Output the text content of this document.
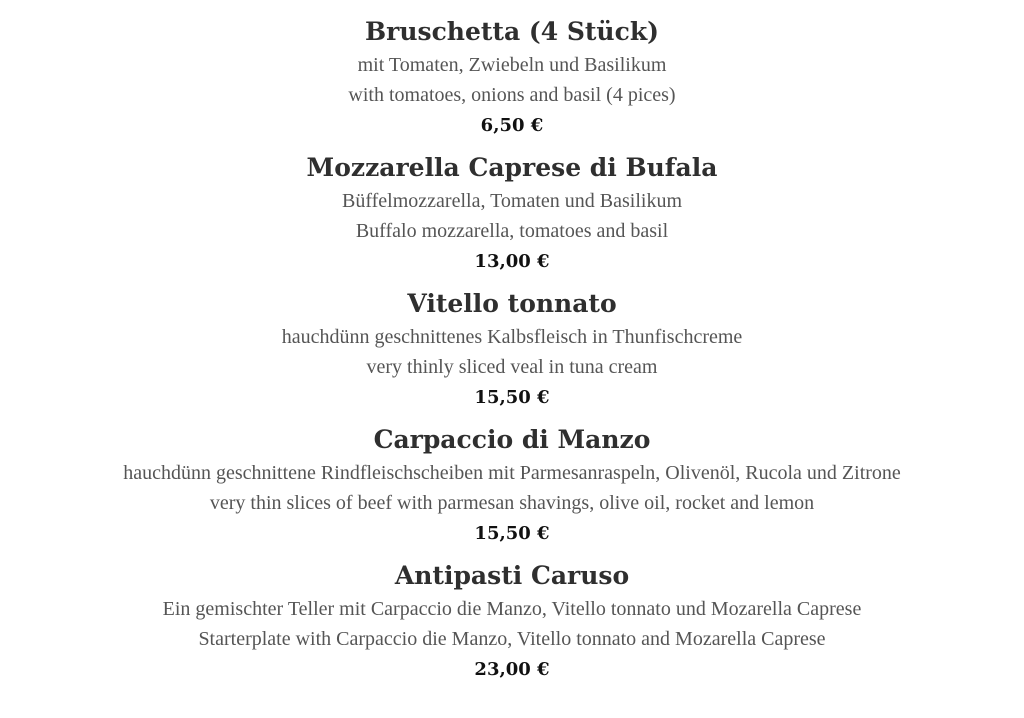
Bruschetta (4 Stück)
mit Tomaten, Zwiebeln und Basilikum
with tomatoes, onions and basil (4 pices)
6,50 €
Mozzarella Caprese di Bufala
Büffelmozzarella, Tomaten und Basilikum
Buffalo mozzarella, tomatoes and basil
13,00 €
Vitello tonnato
hauchdünn geschnittenes Kalbsfleisch in Thunfischcreme
very thinly sliced veal in tuna cream
15,50 €
Carpaccio di Manzo
hauchdünn geschnittene Rindfleischscheiben mit Parmesanraspeln, Olivenöl, Rucola und Zitrone
very thin slices of beef with parmesan shavings, olive oil, rocket and lemon
15,50 €
Antipasti Caruso
Ein gemischter Teller mit Carpaccio die Manzo, Vitello tonnato und Mozarella Caprese
Starterplate with Carpaccio die Manzo, Vitello tonnato and Mozarella Caprese
23,00 €
